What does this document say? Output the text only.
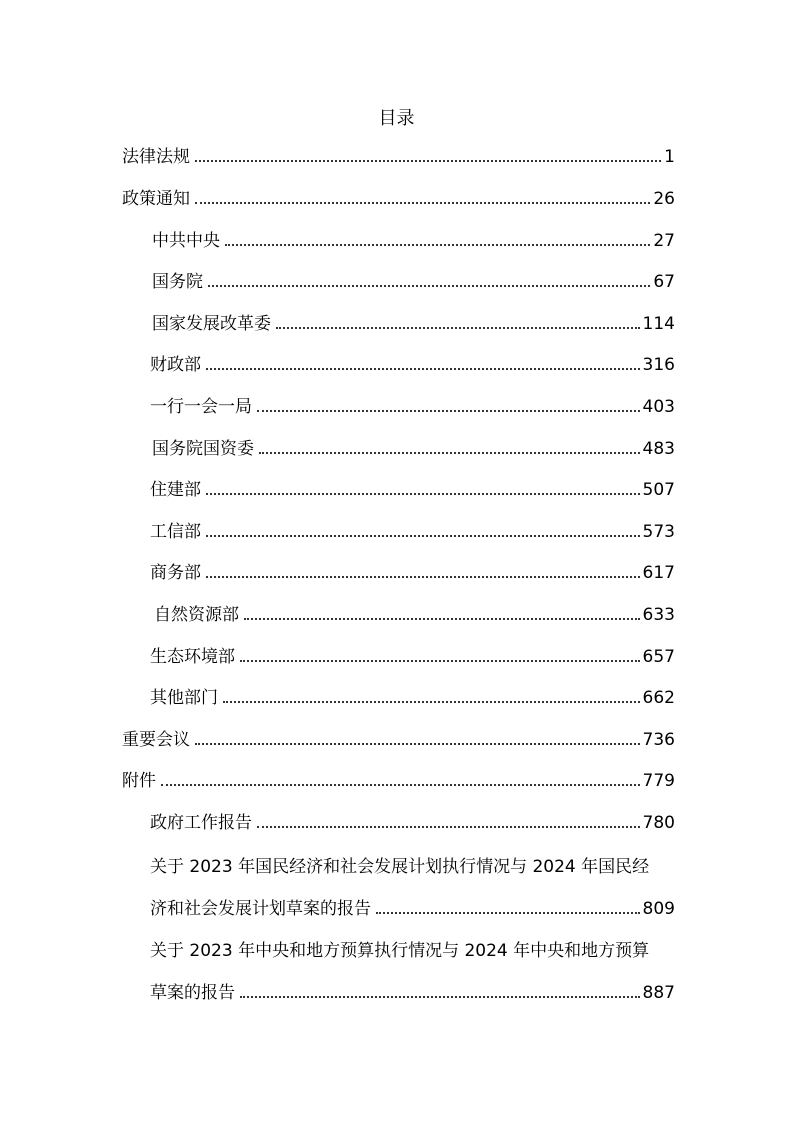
目录
法律法规	1
政策通知	26
中共中央	27
国务院	67
国家发展改革委	114
财政部	316
一行一会一局	403
国务院国资委	483
住建部	507
工信部	573
商务部	617
自然资源部	633
生态环境部	657
其他部门	662
重要会议	736
附件	779
政府工作报告	780
关于 2023 年国民经济和社会发展计划执行情况与 2024 年国民经
济和社会发展计划草案的报告	809
关于 2023 年中央和地方预算执行情况与 2024 年中央和地方预算
草案的报告	887
